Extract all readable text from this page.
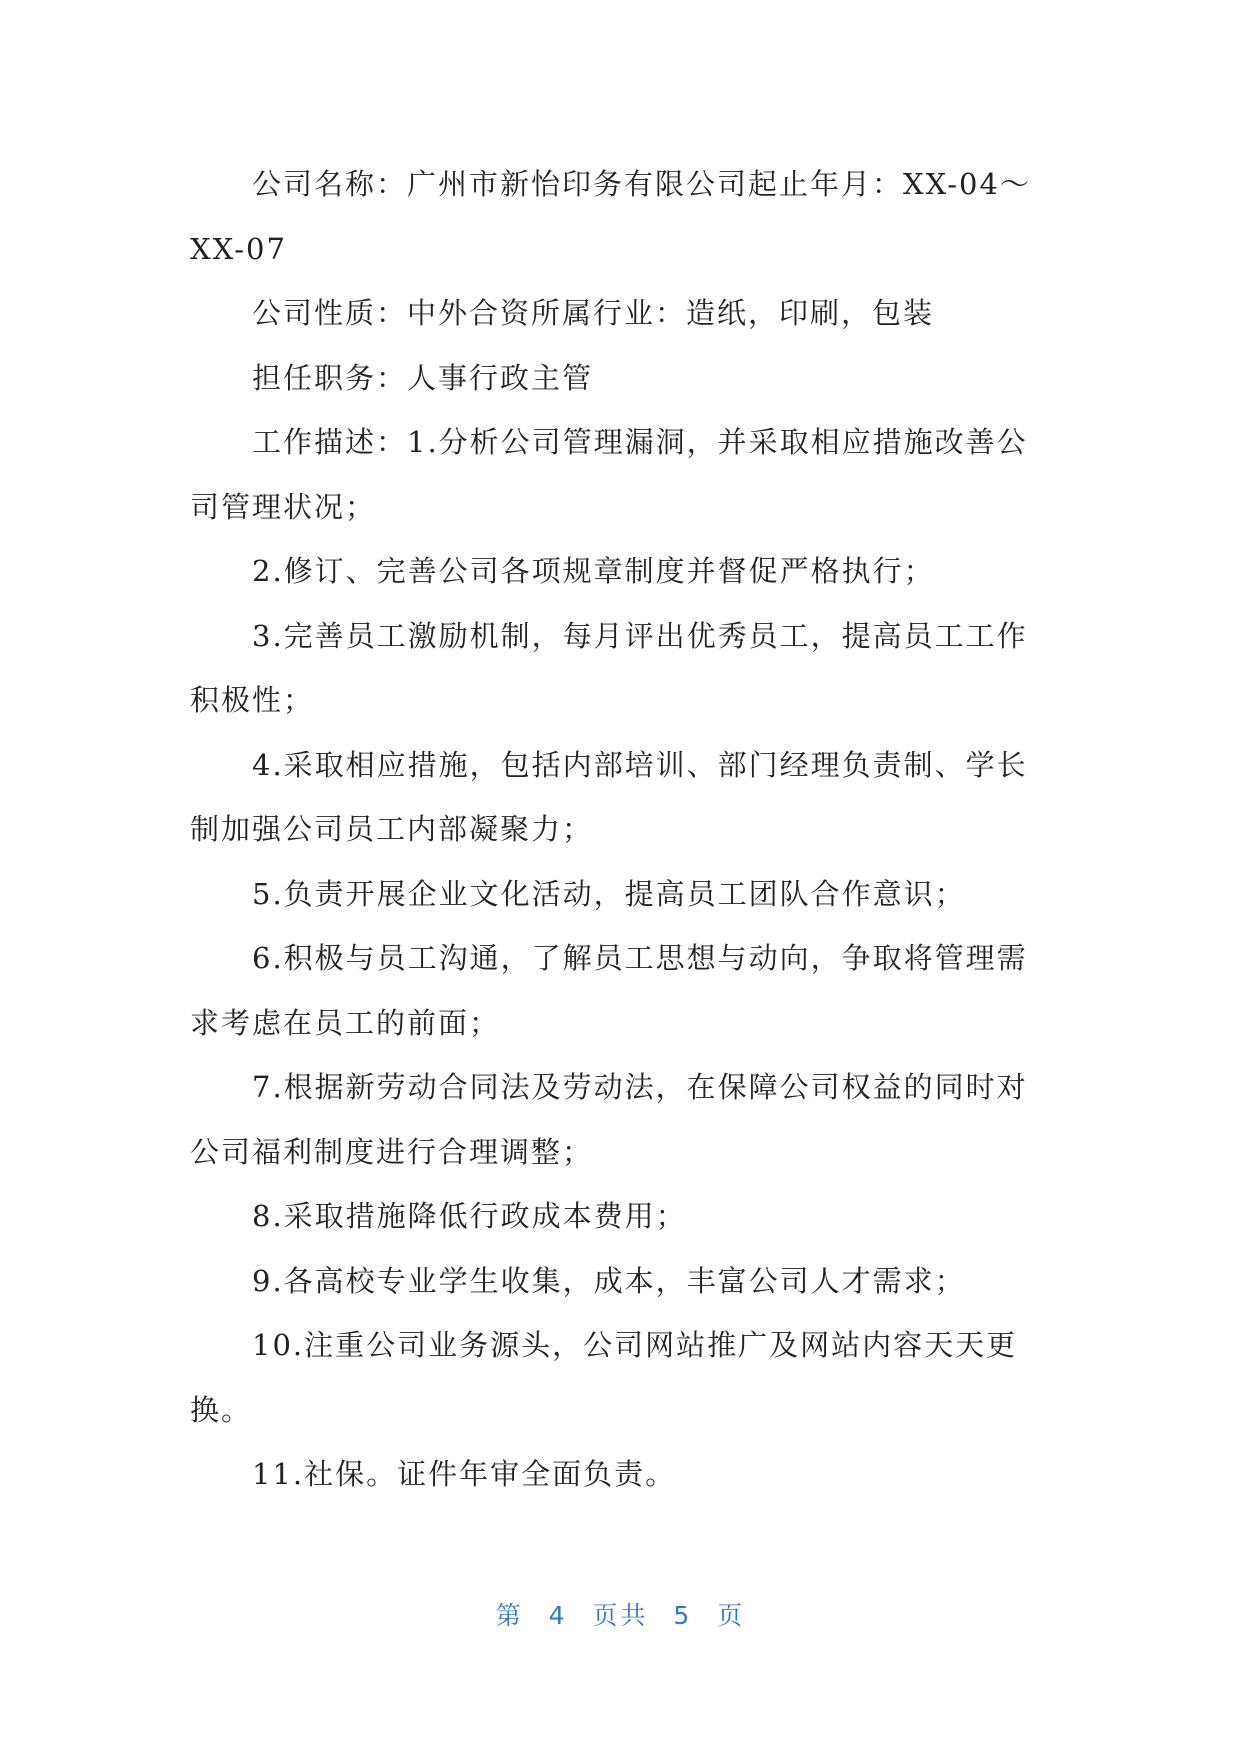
公司名称：广州市新怡印务有限公司起止年月：XX-04～XX-07

公司性质：中外合资所属行业：造纸，印刷，包装

担任职务：人事行政主管

工作描述：1.分析公司管理漏洞，并采取相应措施改善公司管理状况；

2.修订、完善公司各项规章制度并督促严格执行；

3.完善员工激励机制，每月评出优秀员工，提高员工工作积极性；

4.采取相应措施，包括内部培训、部门经理负责制、学长制加强公司员工内部凝聚力；

5.负责开展企业文化活动，提高员工团队合作意识；

6.积极与员工沟通，了解员工思想与动向，争取将管理需求考虑在员工的前面；

7.根据新劳动合同法及劳动法，在保障公司权益的同时对公司福利制度进行合理调整；

8.采取措施降低行政成本费用；

9.各高校专业学生收集，成本，丰富公司人才需求；

10.注重公司业务源头，公司网站推广及网站内容天天更换。

11.社保。证件年审全面负责。

第 4 页共 5 页
